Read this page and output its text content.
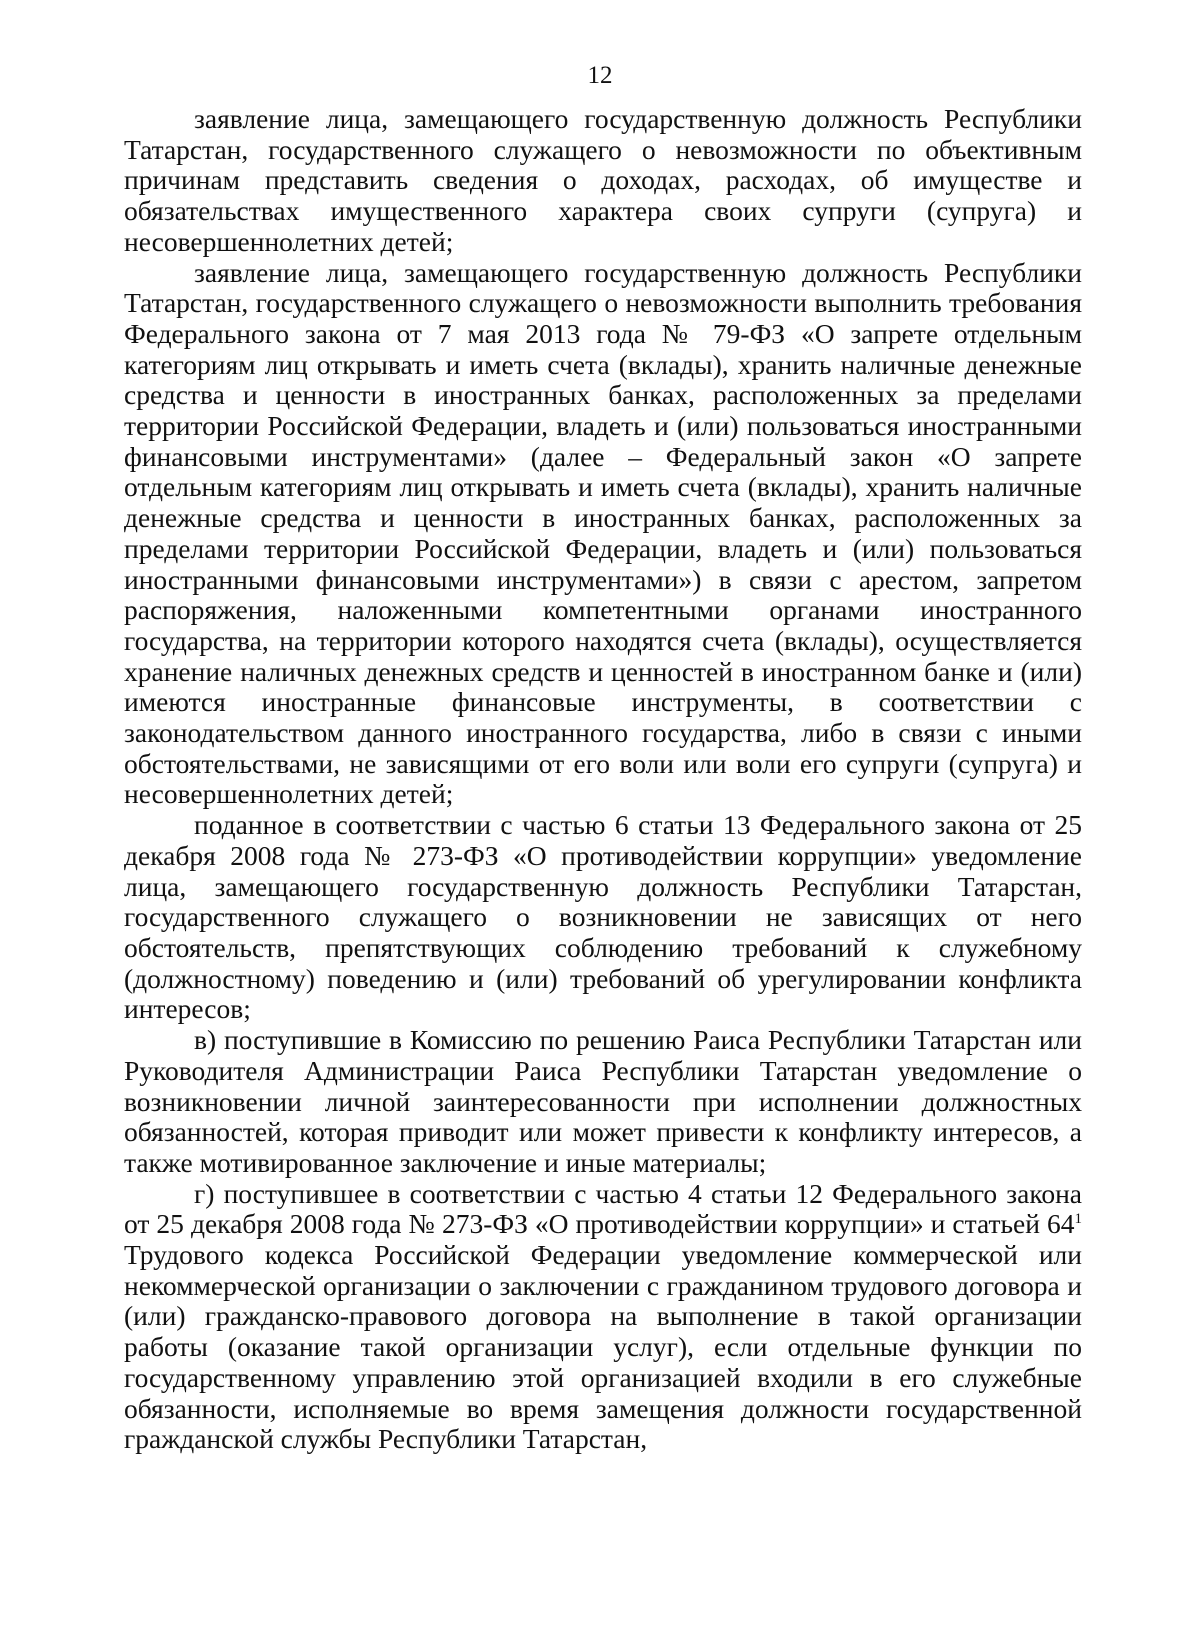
12

заявление лица, замещающего государственную должность Республики Татарстан, государственного служащего о невозможности по объективным причинам представить сведения о доходах, расходах, об имуществе и обязательствах имущественного характера своих супруги (супруга) и несовершеннолетних детей;

заявление лица, замещающего государственную должность Республики Татарстан, государственного служащего о невозможности выполнить требования Федерального закона от 7 мая 2013 года № 79-ФЗ «О запрете отдельным категориям лиц открывать и иметь счета (вклады), хранить наличные денежные средства и ценности в иностранных банках, расположенных за пределами территории Российской Федерации, владеть и (или) пользоваться иностранными финансовыми инструментами» (далее – Федеральный закон «О запрете отдельным категориям лиц открывать и иметь счета (вклады), хранить наличные денежные средства и ценности в иностранных банках, расположенных за пределами территории Российской Федерации, владеть и (или) пользоваться иностранными финансовыми инструментами») в связи с арестом, запретом распоряжения, наложенными компетентными органами иностранного государства, на территории которого находятся счета (вклады), осуществляется хранение наличных денежных средств и ценностей в иностранном банке и (или) имеются иностранные финансовые инструменты, в соответствии с законодательством данного иностранного государства, либо в связи с иными обстоятельствами, не зависящими от его воли или воли его супруги (супруга) и несовершеннолетних детей;

поданное в соответствии с частью 6 статьи 13 Федерального закона от 25 декабря 2008 года № 273-ФЗ «О противодействии коррупции» уведомление лица, замещающего государственную должность Республики Татарстан, государственного служащего о возникновении не зависящих от него обстоятельств, препятствующих соблюдению требований к служебному (должностному) поведению и (или) требований об урегулировании конфликта интересов;

в) поступившие в Комиссию по решению Раиса Республики Татарстан или Руководителя Администрации Раиса Республики Татарстан уведомление о возникновении личной заинтересованности при исполнении должностных обязанностей, которая приводит или может привести к конфликту интересов, а также мотивированное заключение и иные материалы;

г) поступившее в соответствии с частью 4 статьи 12 Федерального закона от 25 декабря 2008 года № 273-ФЗ «О противодействии коррупции» и статьей $64^1$ Трудового кодекса Российской Федерации уведомление коммерческой или некоммерческой организации о заключении с гражданином трудового договора и (или) гражданско-правового договора на выполнение в такой организации работы (оказание такой организации услуг), если отдельные функции по государственному управлению этой организацией входили в его служебные обязанности, исполняемые во время замещения должности государственной гражданской службы Республики Татарстан,
